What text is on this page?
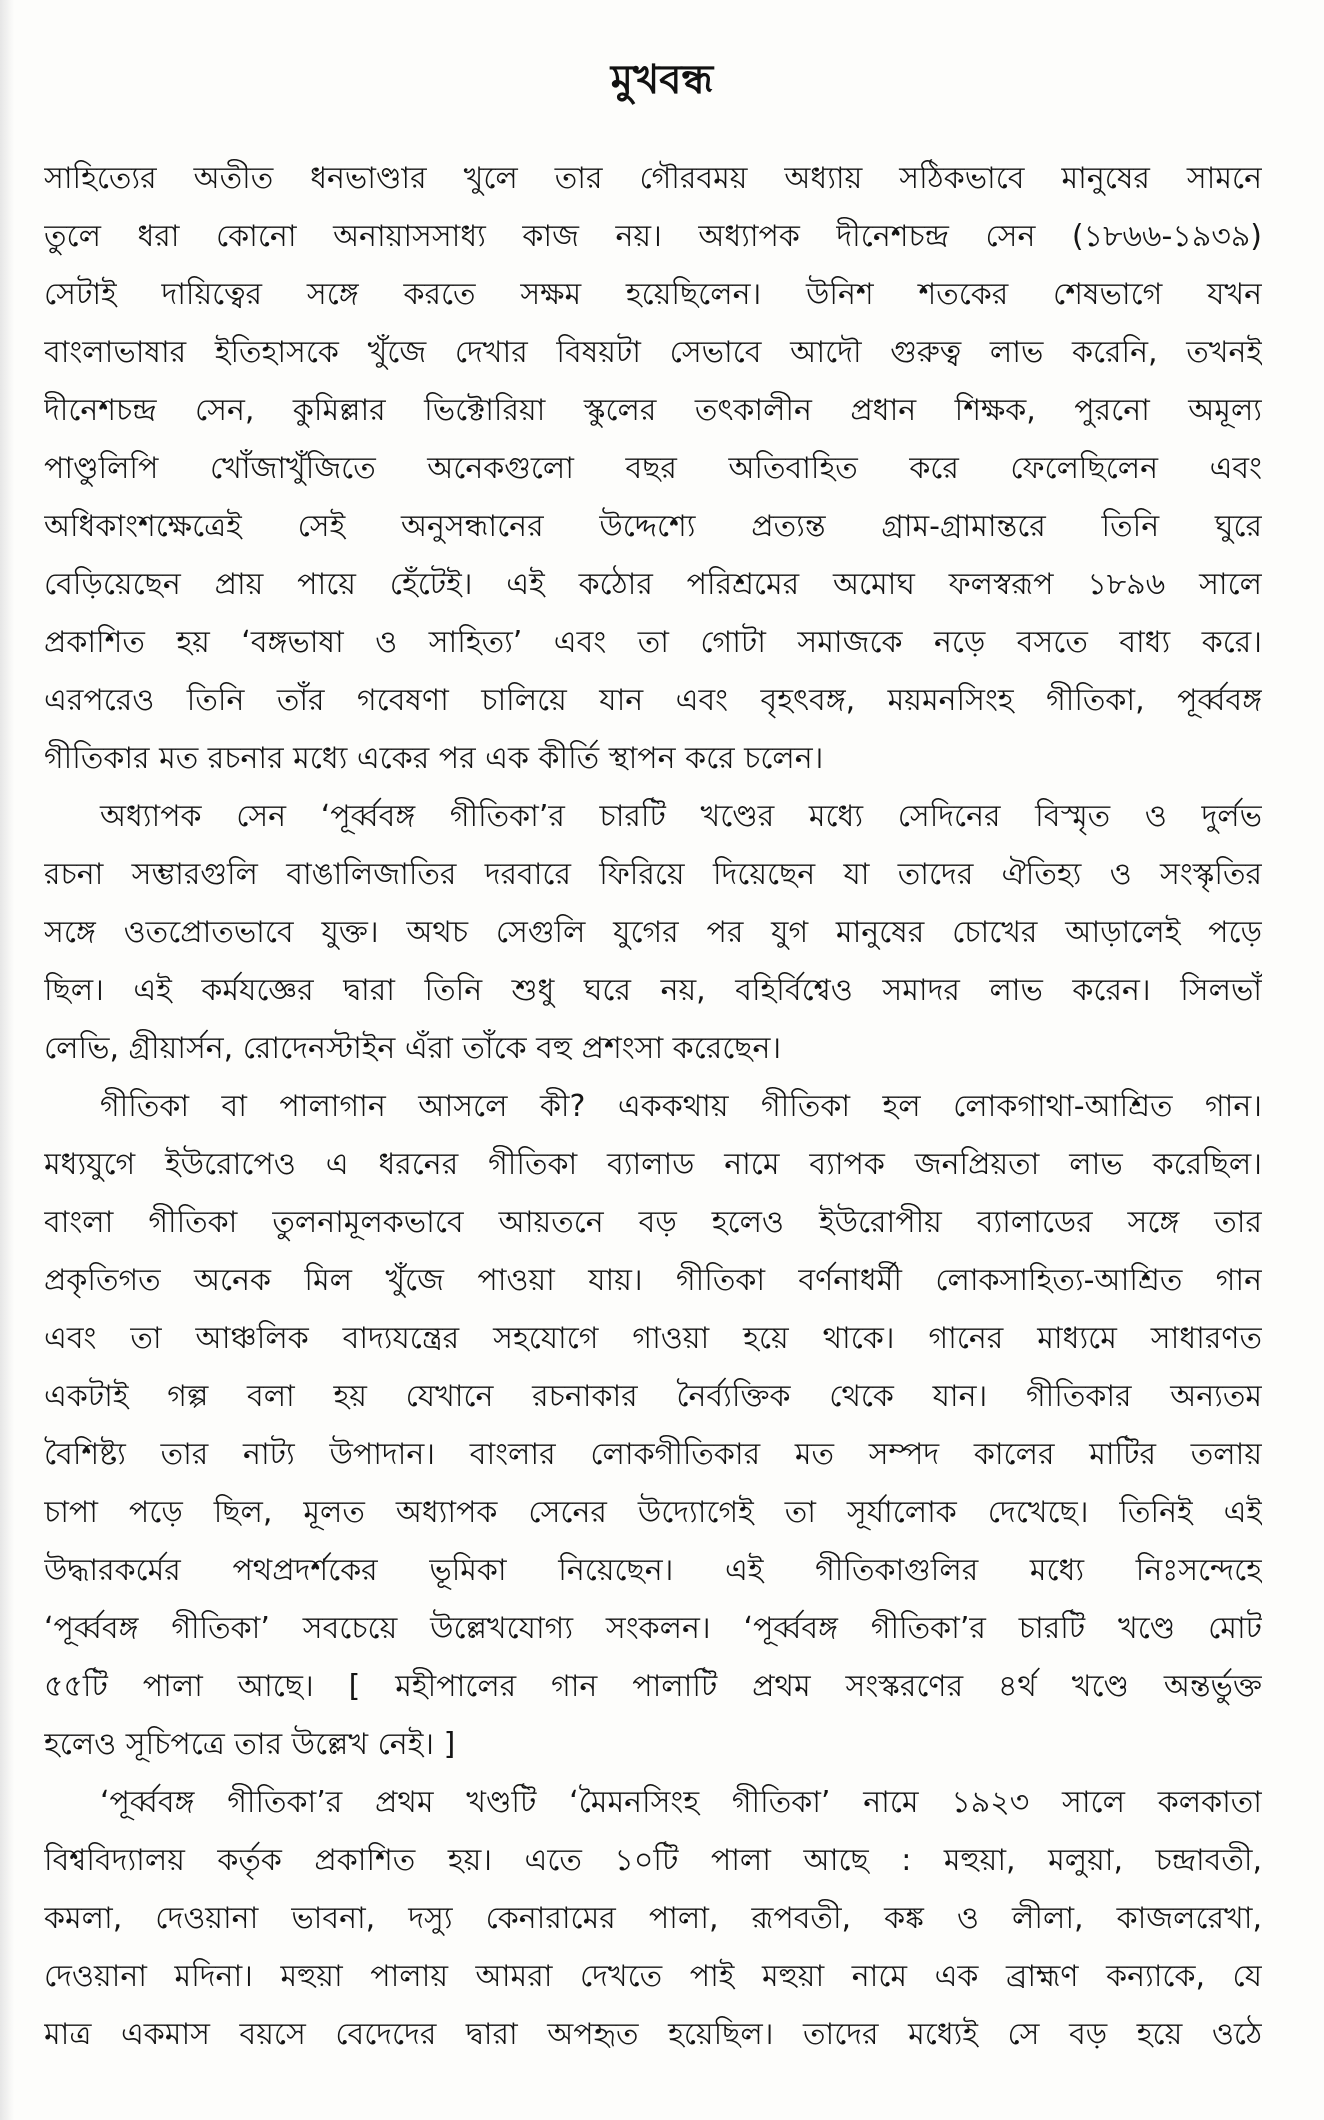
মুখবন্ধ
সাহিত্যের অতীত ধনভাণ্ডার খুলে তার গৌরবময় অধ্যায় সঠিকভাবে মানুষের সামনে
তুলে ধরা কোনো অনায়াসসাধ্য কাজ নয়। অধ্যাপক দীনেশচন্দ্র সেন (১৮৬৬-১৯৩৯)
সেটাই দায়িত্বের সঙ্গে করতে সক্ষম হয়েছিলেন। উনিশ শতকের শেষভাগে যখন
বাংলাভাষার ইতিহাসকে খুঁজে দেখার বিষয়টা সেভাবে আদৌ গুরুত্ব লাভ করেনি, তখনই
দীনেশচন্দ্র সেন, কুমিল্লার ভিক্টোরিয়া স্কুলের তৎকালীন প্রধান শিক্ষক, পুরনো অমূল্য
পাণ্ডুলিপি খোঁজাখুঁজিতে অনেকগুলো বছর অতিবাহিত করে ফেলেছিলেন এবং
অধিকাংশক্ষেত্রেই সেই অনুসন্ধানের উদ্দেশ্যে প্রত্যন্ত গ্রাম-গ্রামান্তরে তিনি ঘুরে
বেড়িয়েছেন প্রায় পায়ে হেঁটেই। এই কঠোর পরিশ্রমের অমোঘ ফলস্বরূপ ১৮৯৬ সালে
প্রকাশিত হয় ‘বঙ্গভাষা ও সাহিত্য’ এবং তা গোটা সমাজকে নড়ে বসতে বাধ্য করে।
এরপরেও তিনি তাঁর গবেষণা চালিয়ে যান এবং বৃহৎবঙ্গ, ময়মনসিংহ গীতিকা, পূর্ব্ববঙ্গ
গীতিকার মত রচনার মধ্যে একের পর এক কীর্তি স্থাপন করে চলেন।
অধ্যাপক সেন ‘পূর্ব্ববঙ্গ গীতিকা’র চারটি খণ্ডের মধ্যে সেদিনের বিস্মৃত ও দুর্লভ
রচনা সম্ভারগুলি বাঙালিজাতির দরবারে ফিরিয়ে দিয়েছেন যা তাদের ঐতিহ্য ও সংস্কৃতির
সঙ্গে ওতপ্রোতভাবে যুক্ত। অথচ সেগুলি যুগের পর যুগ মানুষের চোখের আড়ালেই পড়ে
ছিল। এই কর্মযজ্ঞের দ্বারা তিনি শুধু ঘরে নয়, বহির্বিশ্বেও সমাদর লাভ করেন। সিলভাঁ
লেভি, গ্রীয়ার্সন, রোদেনস্টাইন এঁরা তাঁকে বহু প্রশংসা করেছেন।
গীতিকা বা পালাগান আসলে কী? এককথায় গীতিকা হল লোকগাথা-আশ্রিত গান।
মধ্যযুগে ইউরোপেও এ ধরনের গীতিকা ব্যালাড নামে ব্যাপক জনপ্রিয়তা লাভ করেছিল।
বাংলা গীতিকা তুলনামূলকভাবে আয়তনে বড় হলেও ইউরোপীয় ব্যালাডের সঙ্গে তার
প্রকৃতিগত অনেক মিল খুঁজে পাওয়া যায়। গীতিকা বর্ণনাধর্মী লোকসাহিত্য-আশ্রিত গান
এবং তা আঞ্চলিক বাদ্যযন্ত্রের সহযোগে গাওয়া হয়ে থাকে। গানের মাধ্যমে সাধারণত
একটাই গল্প বলা হয় যেখানে রচনাকার নৈর্ব্যক্তিক থেকে যান। গীতিকার অন্যতম
বৈশিষ্ট্য তার নাট্য উপাদান। বাংলার লোকগীতিকার মত সম্পদ কালের মাটির তলায়
চাপা পড়ে ছিল, মূলত অধ্যাপক সেনের উদ্যোগেই তা সূর্যালোক দেখেছে। তিনিই এই
উদ্ধারকর্মের পথপ্রদর্শকের ভূমিকা নিয়েছেন। এই গীতিকাগুলির মধ্যে নিঃসন্দেহে
‘পূর্ব্ববঙ্গ গীতিকা’ সবচেয়ে উল্লেখযোগ্য সংকলন। ‘পূর্ব্ববঙ্গ গীতিকা’র চারটি খণ্ডে মোট
৫৫টি পালা আছে। [ মহীপালের গান পালাটি প্রথম সংস্করণের ৪র্থ খণ্ডে অন্তর্ভুক্ত
হলেও সূচিপত্রে তার উল্লেখ নেই। ]
‘পূর্ব্ববঙ্গ গীতিকা’র প্রথম খণ্ডটি ‘মৈমনসিংহ গীতিকা’ নামে ১৯২৩ সালে কলকাতা
বিশ্ববিদ্যালয় কর্তৃক প্রকাশিত হয়। এতে ১০টি পালা আছে : মহুয়া, মলুয়া, চন্দ্রাবতী,
কমলা, দেওয়ানা ভাবনা, দস্যু কেনারামের পালা, রূপবতী, কঙ্ক ও লীলা, কাজলরেখা,
দেওয়ানা মদিনা। মহুয়া পালায় আমরা দেখতে পাই মহুয়া নামে এক ব্রাহ্মণ কন্যাকে, যে
মাত্র একমাস বয়সে বেদেদের দ্বারা অপহৃত হয়েছিল। তাদের মধ্যেই সে বড় হয়ে ওঠে
